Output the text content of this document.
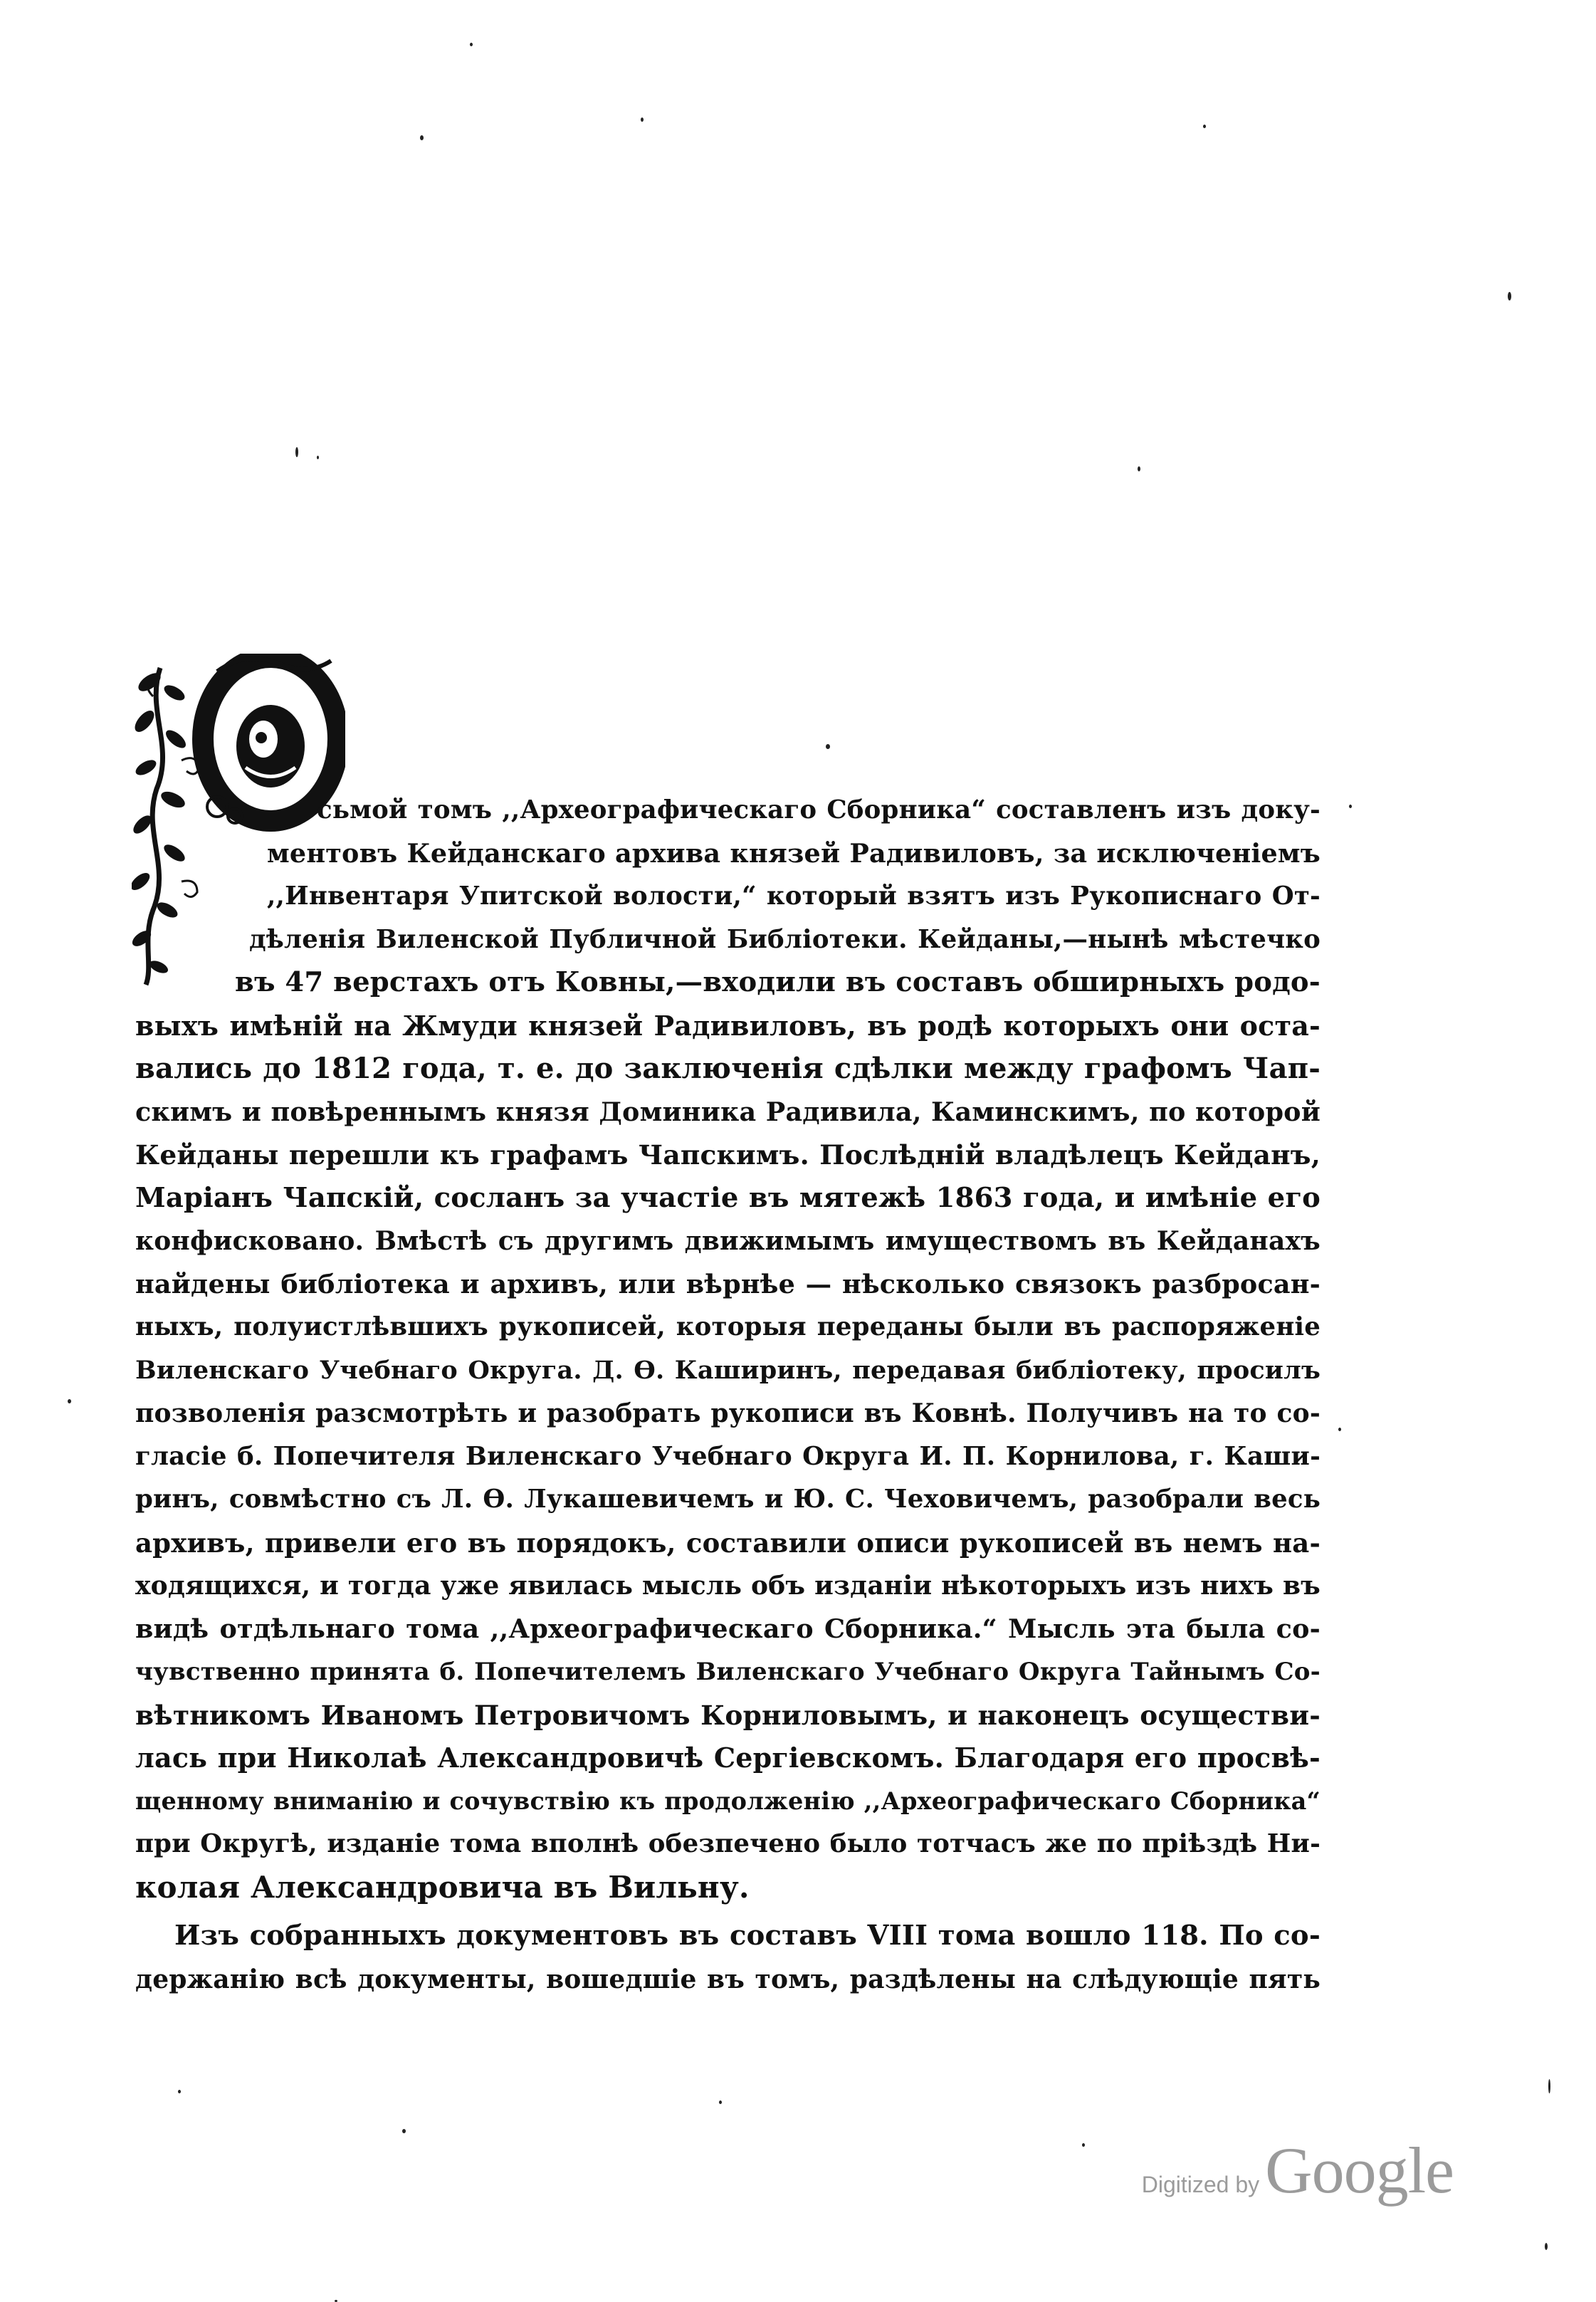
сьмой томъ ,,Археографическаго Сборника“ составленъ изъ доку-
ментовъ Кейданскаго архива князей Радивиловъ, за исключеніемъ
,,Инвентаря Упитской волости,“ который взятъ изъ Рукописнаго От-
дѣленія Виленской Публичной Библіотеки. Кейданы,—нынѣ мѣстечко
въ 47 верстахъ отъ Ковны,—входили въ составъ обширныхъ родо-
выхъ имѣній на Жмуди князей Радивиловъ, въ родѣ которыхъ они оста-
вались до 1812 года, т. е. до заключенія сдѣлки между графомъ Чап-
скимъ и повѣреннымъ князя Доминика Радивила, Каминскимъ, по которой
Кейданы перешли къ графамъ Чапскимъ. Послѣдній владѣлецъ Кейданъ,
Маріанъ Чапскій, сосланъ за участіе въ мятежѣ 1863 года, и имѣніе его
конфисковано. Вмѣстѣ съ другимъ движимымъ имуществомъ въ Кейданахъ
найдены библіотека и архивъ, или вѣрнѣе — нѣсколько связокъ разбросан-
ныхъ, полуистлѣвшихъ рукописей, которыя переданы были въ распоряженіе
Виленскаго Учебнаго Округа. Д. Ѳ. Каширинъ, передавая библіотеку, просилъ
позволенія разсмотрѣть и разобрать рукописи въ Ковнѣ. Получивъ на то со-
гласіе б. Попечителя Виленскаго Учебнаго Округа И. П. Корнилова, г. Каши-
ринъ, совмѣстно съ Л. Ѳ. Лукашевичемъ и Ю. С. Чеховичемъ, разобрали весь
архивъ, привели его въ порядокъ, составили описи рукописей въ немъ на-
ходящихся, и тогда уже явилась мысль объ изданіи нѣкоторыхъ изъ нихъ въ
видѣ отдѣльнаго тома ,,Археографическаго Сборника.“ Мысль эта была со-
чувственно принята б. Попечителемъ Виленскаго Учебнаго Округа Тайнымъ Со-
вѣтникомъ Иваномъ Петровичомъ Корниловымъ, и наконецъ осуществи-
лась при Николаѣ Александровичѣ Сергіевскомъ. Благодаря его просвѣ-
щенному вниманію и сочувствію къ продолженію ,,Археографическаго Сборника“
при Округѣ, изданіе тома вполнѣ обезпечено было тотчасъ же по пріѣздѣ Ни-
колая Александровича въ Вильну.
Изъ собранныхъ документовъ въ составъ VIII тома вошло 118. По со-
держанію всѣ документы, вошедшіе въ томъ, раздѣлены на слѣдующіе пять
Digitized by Google
